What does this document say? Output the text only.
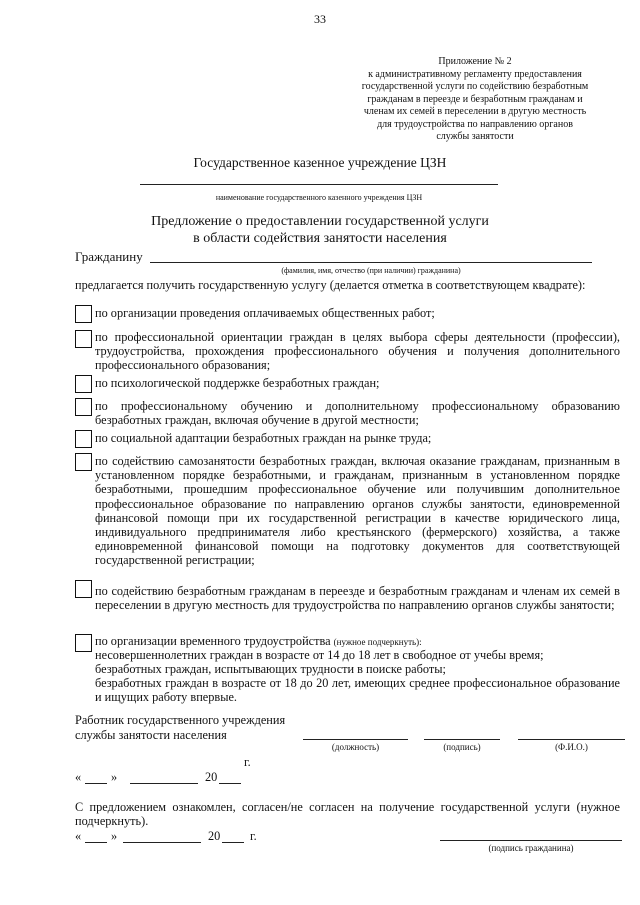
33
Приложение № 2
к административному регламенту предоставления
государственной услуги по содействию безработным
гражданам в переезде и безработным гражданам и
членам их семей в переселении в другую местность
для трудоустройства по направлению органов
службы занятости
Государственное казенное учреждение ЦЗН
наименование государственного казенного учреждения ЦЗН
Предложение о предоставлении государственной услуги
в области содействия занятости населения
Гражданину
(фамилия, имя, отчество (при наличии) гражданина)
предлагается получить государственную услугу (делается отметка в соответствующем квадрате):
по организации проведения оплачиваемых общественных работ;
по профессиональной ориентации граждан в целях выбора сферы деятельности (профессии), трудоустройства, прохождения профессионального обучения и получения дополнительного профессионального образования;
по психологической поддержке безработных граждан;
по профессиональному обучению и дополнительному профессиональному образованию безработных граждан, включая обучение в другой местности;
по социальной адаптации безработных граждан на рынке труда;
по содействию самозанятости безработных граждан, включая оказание гражданам, признанным в установленном порядке безработными, и гражданам, признанным в установленном порядке безработными, прошедшим профессиональное обучение или получившим дополнительное профессиональное образование по направлению органов службы занятости, единовременной финансовой помощи при их государственной регистрации в качестве юридического лица, индивидуального предпринимателя либо крестьянского (фермерского) хозяйства, а также единовременной финансовой помощи на подготовку документов для соответствующей государственной регистрации;
по содействию безработным гражданам в переезде и безработным гражданам и членам их семей в переселении в другую местность для трудоустройства по направлению органов службы занятости;
по организации временного трудоустройства (нужное подчеркнуть):
несовершеннолетних граждан в возрасте от 14 до 18 лет в свободное от учебы время;
безработных граждан, испытывающих трудности в поиске работы;
безработных граждан в возрасте от 18 до 20 лет, имеющих среднее профессиональное образование и ищущих работу впервые.
Работник государственного учреждения
службы занятости населения
(должность)	(подпись)	(Ф.И.О.)
г.
« »	20
С предложением ознакомлен, согласен/не согласен на получение государственной услуги (нужное подчеркнуть).
« »	20 г.
(подпись гражданина)
